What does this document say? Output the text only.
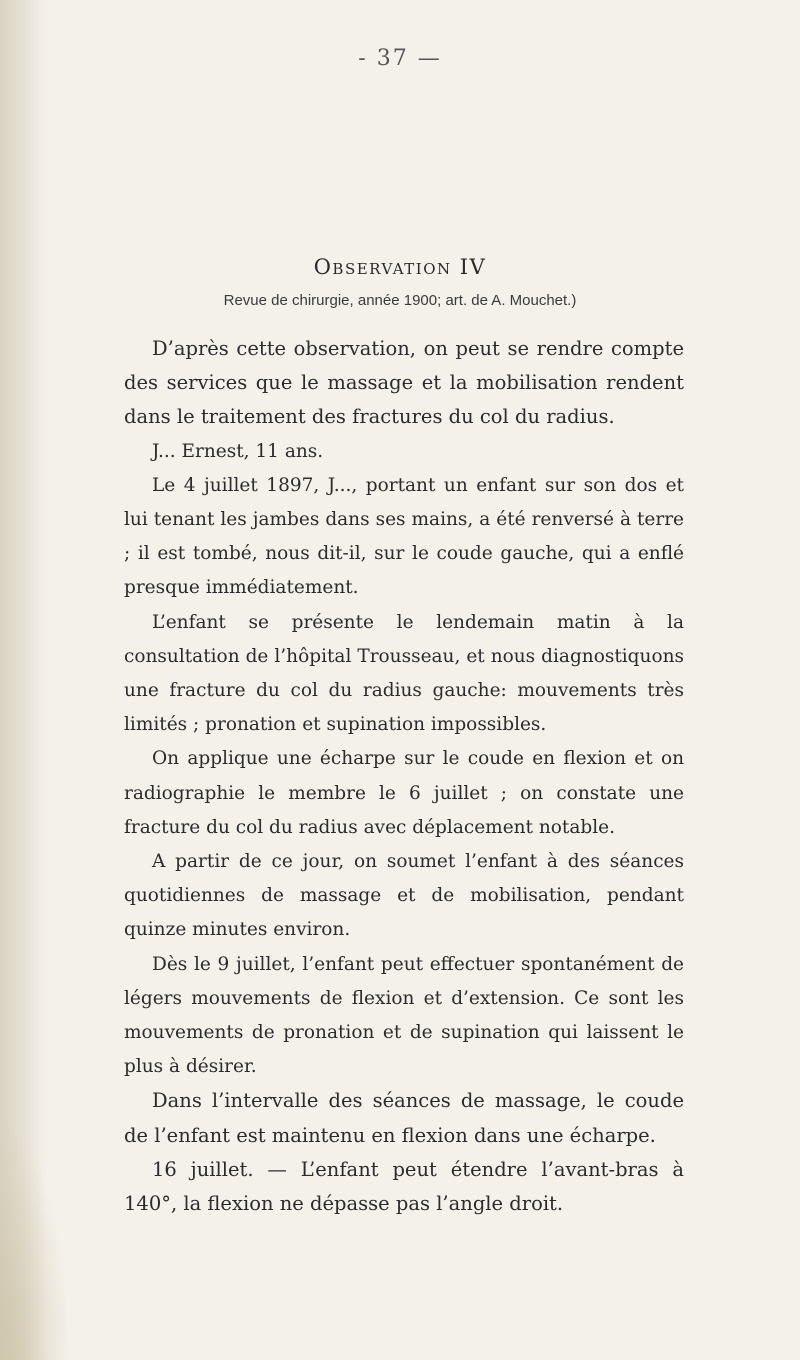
- 37 —
Observation IV
Revue de chirurgie, année 1900; art. de A. Mouchet.)

D’après cette observation, on peut se rendre compte des services que le massage et la mobilisation rendent dans le traitement des fractures du col du radius.

J... Ernest, 11 ans.

Le 4 juillet 1897, J..., portant un enfant sur son dos et lui tenant les jambes dans ses mains, a été renversé à terre ; il est tombé, nous dit-il, sur le coude gauche, qui a enflé presque immédiatement.

L’enfant se présente le lendemain matin à la consultation de l’hôpital Trousseau, et nous diagnostiquons une fracture du col du radius gauche: mouvements très limités ; pronation et supination impossibles.

On applique une écharpe sur le coude en flexion et on radiographie le membre le 6 juillet ; on constate une fracture du col du radius avec déplacement notable.

A partir de ce jour, on soumet l’enfant à des séances quotidiennes de massage et de mobilisation, pendant quinze minutes environ.

Dès le 9 juillet, l’enfant peut effectuer spontanément de légers mouvements de flexion et d’extension. Ce sont les mouvements de pronation et de supination qui laissent le plus à désirer.

Dans l’intervalle des séances de massage, le coude de l’enfant est maintenu en flexion dans une écharpe.

16 juillet. — L’enfant peut étendre l’avant-bras à 140°, la flexion ne dépasse pas l’angle droit.
